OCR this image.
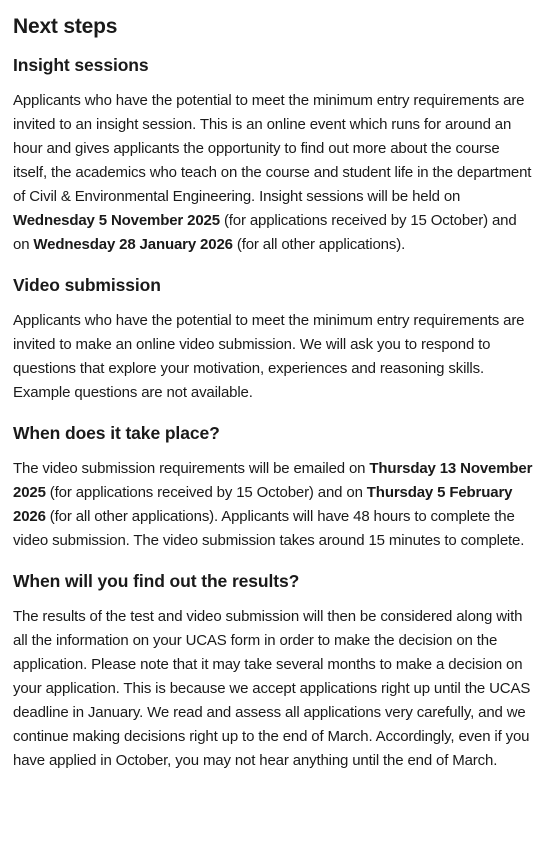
Next steps
Insight sessions

Applicants who have the potential to meet the minimum entry requirements are invited to an insight session. This is an online event which runs for around an hour and gives applicants the opportunity to find out more about the course itself, the academics who teach on the course and student life in the department of Civil & Environmental Engineering. Insight sessions will be held on Wednesday 5 November 2025 (for applications received by 15 October) and on Wednesday 28 January 2026 (for all other applications).

Video submission

Applicants who have the potential to meet the minimum entry requirements are invited to make an online video submission. We will ask you to respond to questions that explore your motivation, experiences and reasoning skills. Example questions are not available.

When does it take place?

The video submission requirements will be emailed on Thursday 13 November 2025 (for applications received by 15 October) and on Thursday 5 February 2026 (for all other applications). Applicants will have 48 hours to complete the video submission. The video submission takes around 15 minutes to complete.

When will you find out the results?

The results of the test and video submission will then be considered along with all the information on your UCAS form in order to make the decision on the application. Please note that it may take several months to make a decision on your application. This is because we accept applications right up until the UCAS deadline in January. We read and assess all applications very carefully, and we continue making decisions right up to the end of March. Accordingly, even if you have applied in October, you may not hear anything until the end of March.
